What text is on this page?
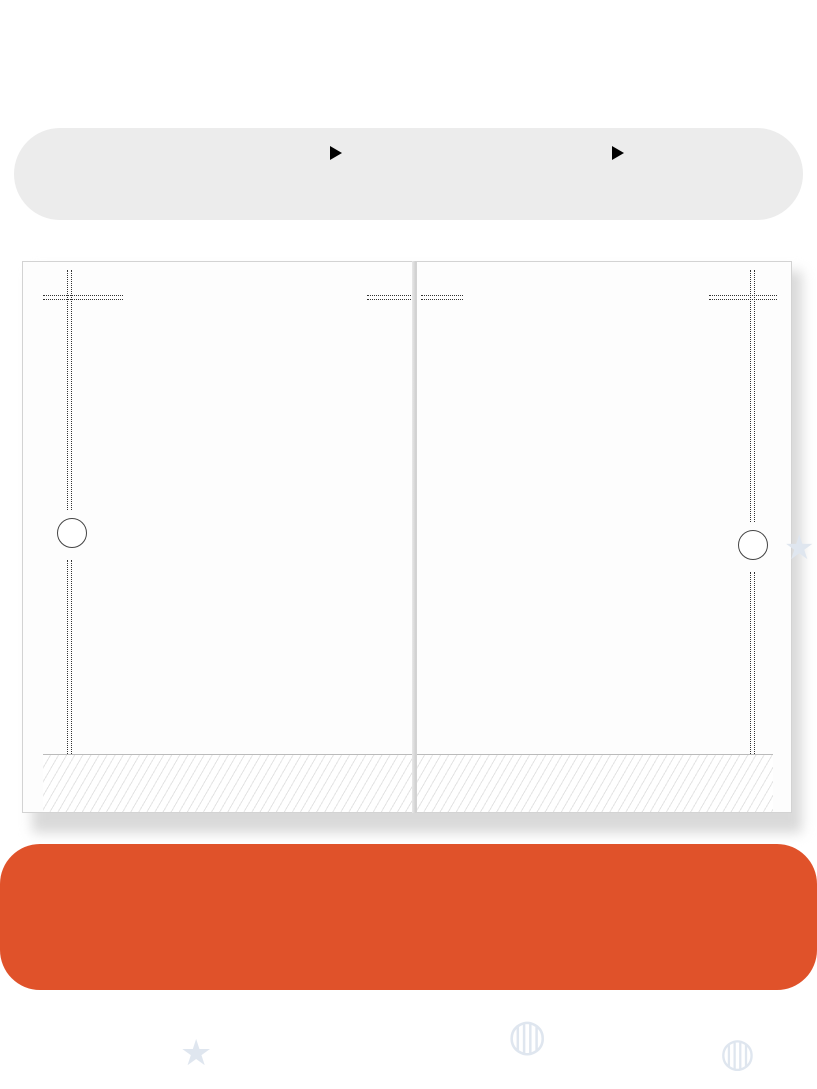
★
★	◍	◍
